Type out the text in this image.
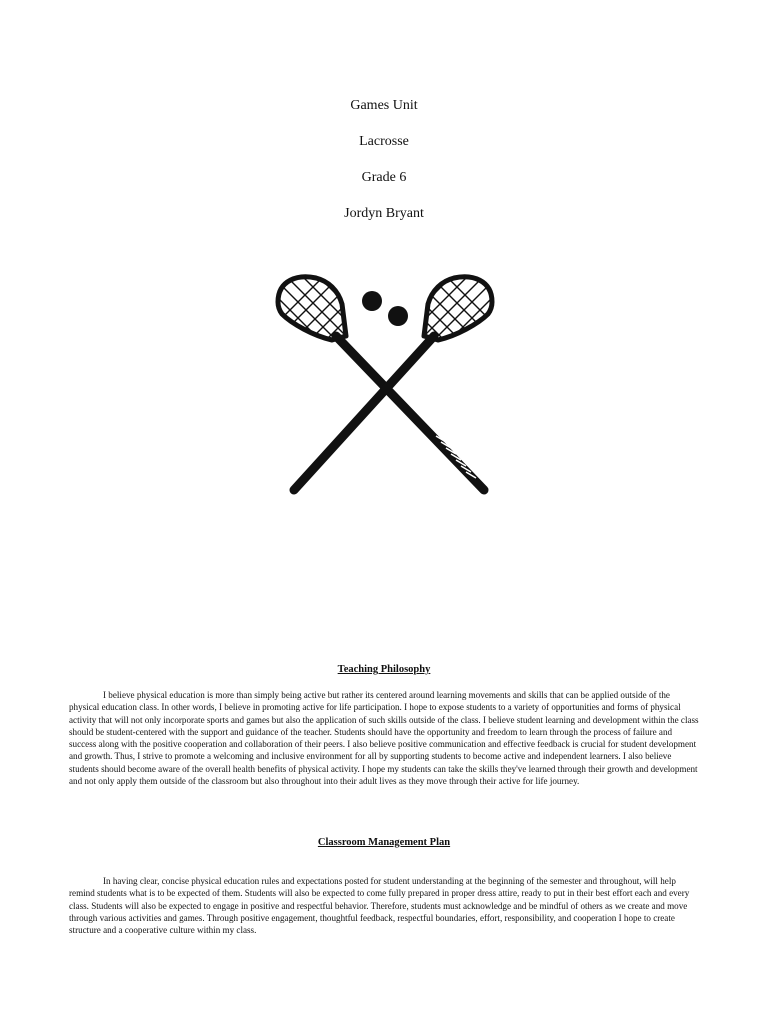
Games Unit
Lacrosse
Grade 6
Jordyn Bryant
Teaching Philosophy

I believe physical education is more than simply being active but rather its centered around learning movements and skills that can be applied outside of the physical education class. In other words, I believe in promoting active for life participation. I hope to expose students to a variety of opportunities and forms of physical activity that will not only incorporate sports and games but also the application of such skills outside of the class. I believe student learning and development within the class should be student-centered with the support and guidance of the teacher. Students should have the opportunity and freedom to learn through the process of failure and success along with the positive cooperation and collaboration of their peers. I also believe positive communication and effective feedback is crucial for student development and growth. Thus, I strive to promote a welcoming and inclusive environment for all by supporting students to become active and independent learners. I also believe students should become aware of the overall health benefits of physical activity. I hope my students can take the skills they've learned through their growth and development and not only apply them outside of the classroom but also throughout into their adult lives as they move through their active for life journey.

Classroom Management Plan

In having clear, concise physical education rules and expectations posted for student understanding at the beginning of the semester and throughout, will help remind students what is to be expected of them. Students will also be expected to come fully prepared in proper dress attire, ready to put in their best effort each and every class. Students will also be expected to engage in positive and respectful behavior. Therefore, students must acknowledge and be mindful of others as we create and move through various activities and games. Through positive engagement, thoughtful feedback, respectful boundaries, effort, responsibility, and cooperation I hope to create structure and a cooperative culture within my class.
